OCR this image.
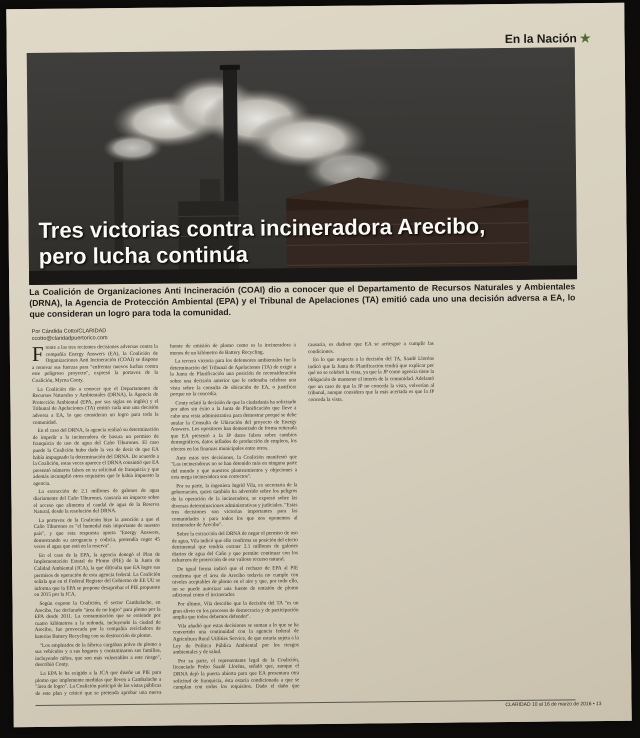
En la Nación ★
Tres victorias contra incineradora Arecibo,
pero lucha continúa
La Coalición de Organizaciones Anti Incineración (COAI) dio a conocer que el Departamento de Recursos Naturales y Ambientales (DRNA), la Agencia de Protección Ambiental (EPA) y el Tribunal de Apelaciones (TA) emitió cada uno una decisión adversa a EA, lo que consideran un logro para toda la comunidad.
Por Cándida Cotto/CLARIDAD
ccotto@claridadpuertorico.com

Frente a las tres recientes decisiones adversas contra la compañía Energy Answers (EA), la Coalición de Organizaciones Anti Incineración (COAI) se dispone a renovar sus fuerzas para "enfrentar nuevos luchas contra este peligroso proyecto", expresó la portavoz de la Coalición, Myrna Conty.

La Coalición dio a conocer que el Departamento de Recursos Naturales y Ambientales (DRNA), la Agencia de Protección Ambiental (EPA, por sus siglas en inglés) y el Tribunal de Apelaciones (TA) emitió cada uno una decisión adversa a EA, lo que consideran un logro para toda la comunidad.

En el caso del DRNA, la agencia realizó su determinación de impedir a la incineradora de basura un permiso de franquicia de uso de agua del Caño Tiburones. El caso puede la Coalición hubo dado la vez de decir de que EA había impugnado la determinación del DRNA. De acuerdo a la Coalición, estas veces aparece el DRNA consintió que EA presentó números falsos en su solicitud de franquicia y que además incumplió otros requisitos que le había impuesto la agencia.

La extracción de 2.1 millones de galones de agua diariamente del Caño Tiburones, causaría un impacto sobre el acceso que alimenta el caudal de agua de la Reserva Natural, desde la resolución del DRNA.

La portavoz de la Coalición hizo la atención a que el Caño Tiburones es "el humedal más importante de nuestro país", y que esta respuesta aporta "Energy Answers, demostrando su arrogancia y codicia, pretendía coger 45 veces el agua que está en la reserva".

En el caso de la EPA, la agencia denegó el Plan de Implementación Estatal de Plomo (PIE) de la Junta de Calidad Ambiental (JCA), la que dificulta que EA logre sus permisos de operación de esta agencia federal. La Coalición señala que en el Federal Register del Gobierno de EE UU se informa que la EPA se propone desaprobar el PIE propuesto en 2015 por la JCA.

Según expone la Coalición, el sector Cambalache, en Arecibo, fue declarado "área de no logro" para plomo por la EPA desde 2011. La contaminación que se extiende por cuatro kilómetros a la redonda, incluyendo la ciudad de Arecibo, fue provocada por la compañía recicladora de baterías Battery Recycling con su destrucción de plomo.

"Los empleados de la fábrica cargaban polvo de plomo a sus vehículos y a sus hogares y contaminaron sus familias, incluyendo niños, que son más vulnerables a este riesgo", describió Conty.

La EPA le ha exigido a la JCA que diseñe un PIE para plomo que implemente medidas que lleven a Cambalache a "área de logro". La Coalición participó de las vistas públicas de este plan y criticó que se pretenda aprobar una nueva fuente de emisión de plomo como es la incineradora a menos de un kilómetro de Battery Recycling.

La tercera victoria para los defensores ambientales fue la determinación del Tribunal de Apelaciones (TA) de exigir a la Junta de Planificación una posición de reconsideración sobre una decisión anterior que le ordenaba celebrar una vista sobre la consulta de ubicación de EA, o justificar porque no la concedía.

Conty relató la decisión de que la ciudadanía ha solicitado por años sin éxito a la Junta de Planificación que lleve a cabo una vista administrativa para demostrar porqué se debe anular la Consulta de Ubicación del proyecto de Energy Answers. Los opositores han demostrado de forma reiterada que EA presentó a la JP datos falsos sobre cambios demográficos, datos inflados de producción de empleos, los efectos en las finanzas municipales entre otros.

Ante estas tres decisiones, la Coalición manifestó que "Las incineradoras no se han detenido más en ninguna parte del mundo y que nuestros planteamientos y objeciones a esta mega incineradora son correctos".

Por su parte, la ingeniera Ingrid Vila, ex secretaria de la gobernación, quien también ha advertido sobre los peligros de la operación de la incineradora, se expresó sobre las diversas determinaciones administrativas y judiciales. "Estas tres decisiones son victorias importantes para las comunidades y para todos los que nos oponemos al incinerador de Arecibo".

Sobre la extracción del DRNA de negar el permiso de uso de agua, Vila indicó que ello confirma su posición del efecto detrimental que tendría extraer 2.1 millones de galones diarios de agua del Caño y que permite continuar con los esfuerzos de protección de ese valioso recurso natural.

De igual forma indicó que el rechazo de EPA al PIE confirma que el área de Arecibo todavía no cumple con niveles aceptables de plomo en el aire y que, por todo ello, no se puede autorizar una fuente de emisión de plomo adicional como el incinerador.

Por último, Vila describe que la decisión del TA "es un gran alivio en los procesos de democracia y de participación amplia que todos debemos defender".

Vila añadió que estas decisiones se suman a lo que se ha convertido una continuidad con la agencia federal de Agricultura Rural Utilities Service, de que estaría sujeta a la Ley de Política Pública Ambiental por los riesgos ambientales y de salud.

Por su parte, el representante legal de la Coalición, licenciado Pedro Saadé Lloréns, señaló que, aunque el DRNA dejó la puerta abierta para que EA presentara otra solicitud de franquicia, ésta estaría condicionada a que se cumplan con todos los requisitos. Dado el daño que causaría, es dudoso que EA se arriesgue a cumplir las condiciones.

En lo que respecta a la decisión del TA, Saadé Lloréns indicó que la Junta de Planificación tendrá que explicar por qué no se celebró la vista, ya que la JP como agencia tiene la obligación de mantener el interés de la comunidad. Adelantó que un caso de que la JP no conceda la vista, volverían al tribunal, aunque considera que la más acertada es que la JP conceda la vista.

CLARIDAD 10 al 16 de marzo de 2016 • 13
